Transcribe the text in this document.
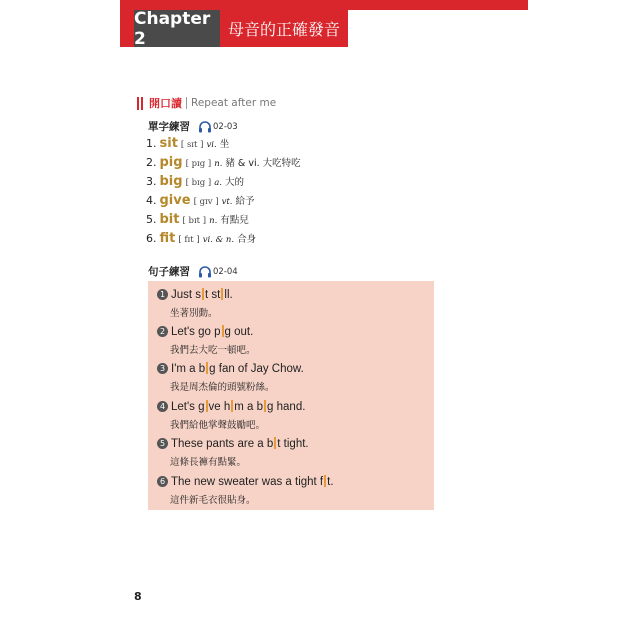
Chapter 2	母音的正確發音
開口讀 Repeat after me
單字練習	02-03
1. sit [ sɪt ] vi. 坐
2. pig [ pɪg ] n. 豬 & vi. 大吃特吃
3. big [ bɪg ] a. 大的
4. give [ gɪv ] vt. 給予
5. bit [ bɪt ] n. 有點兒
6. fit [ fɪt ] vi. & n. 合身
句子練習	02-04
1 Just s t st ll.
坐著別動。
2 Let's go p g out.
我們去大吃一頓吧。
3 I'm a b g fan of Jay Chow.
我是周杰倫的頭號粉絲。
4 Let's g ve h m a b g hand.
我們給他掌聲鼓勵吧。
5 These pants are a b t tight.
這條長褲有點緊。
6 The new sweater was a tight f t.
這件新毛衣很貼身。
8
